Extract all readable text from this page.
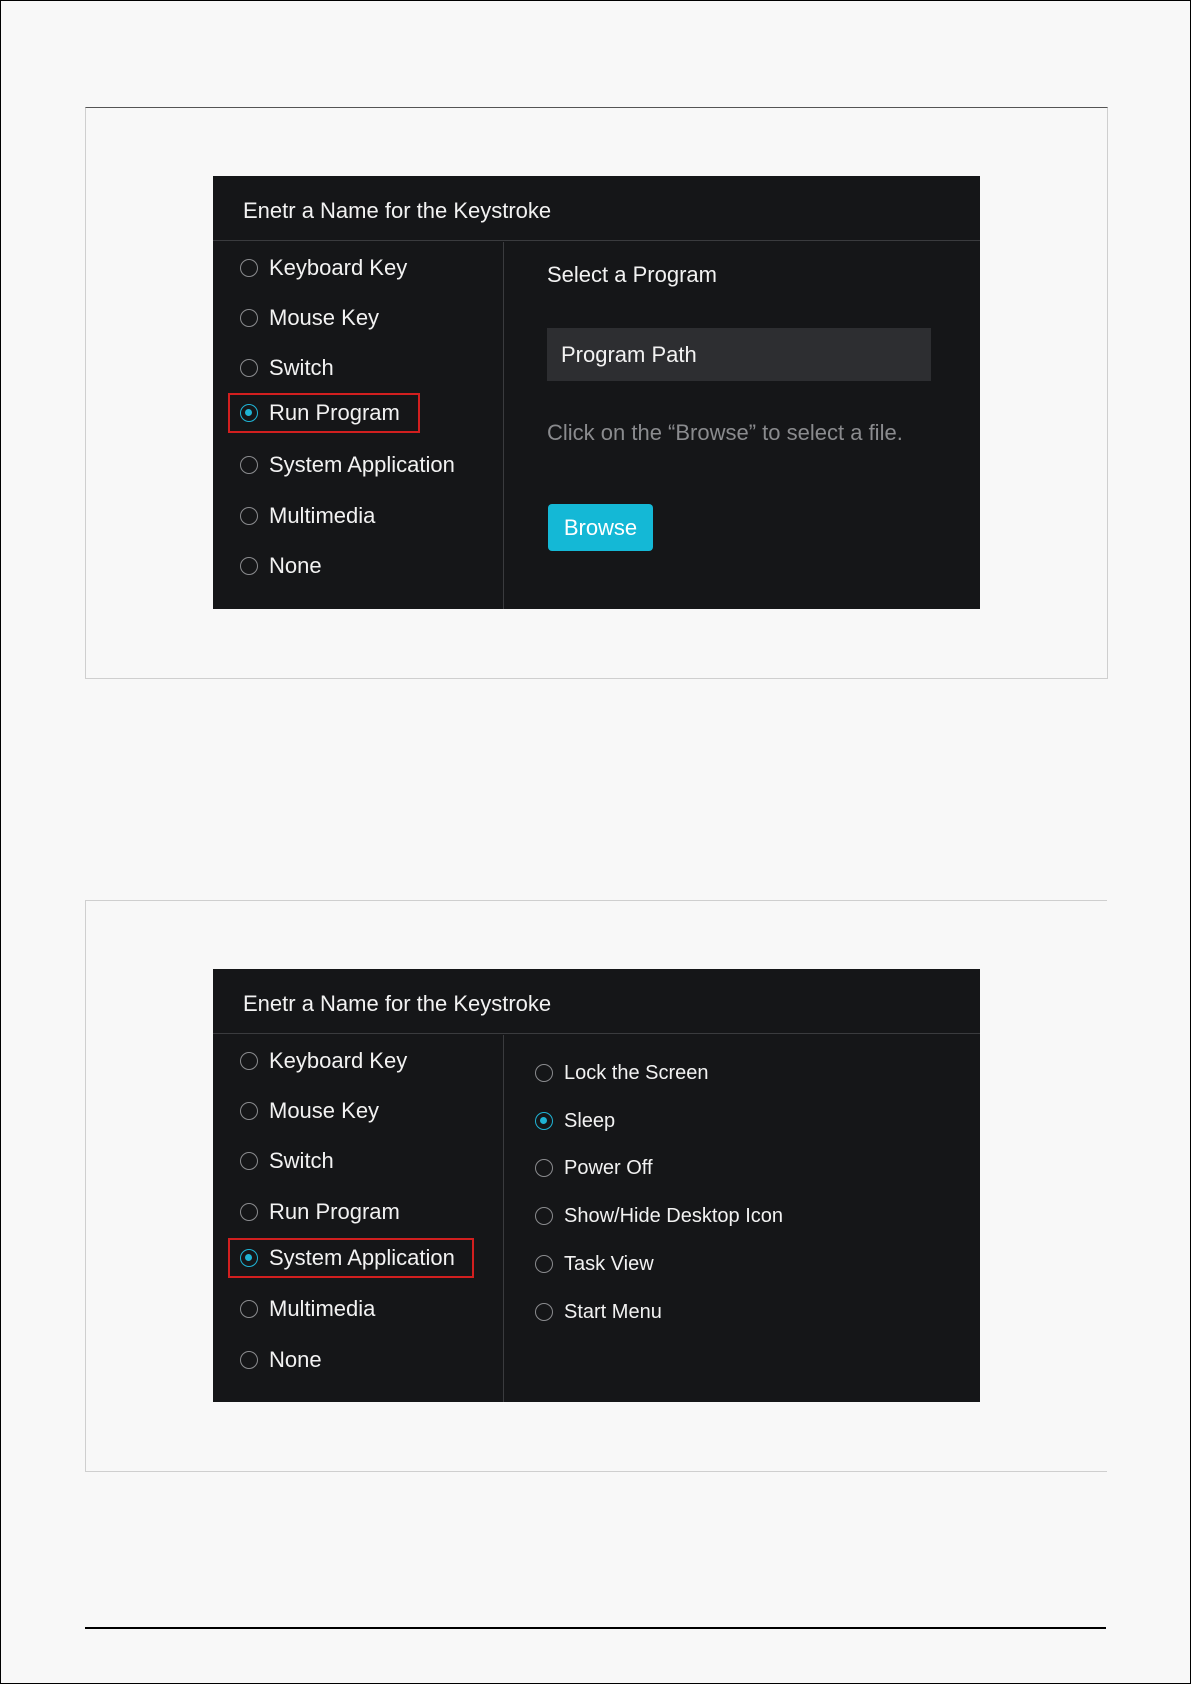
Enetr a Name for the Keystroke
Keyboard Key
Mouse Key
Switch
Run Program
System Application
Multimedia
None
Select a Program
Program Path
Click on the “Browse” to select a file.
Browse
Enetr a Name for the Keystroke
Keyboard Key
Mouse Key
Switch
Run Program
System Application
Multimedia
None
Lock the Screen
Sleep
Power Off
Show/Hide Desktop Icon
Task View
Start Menu
